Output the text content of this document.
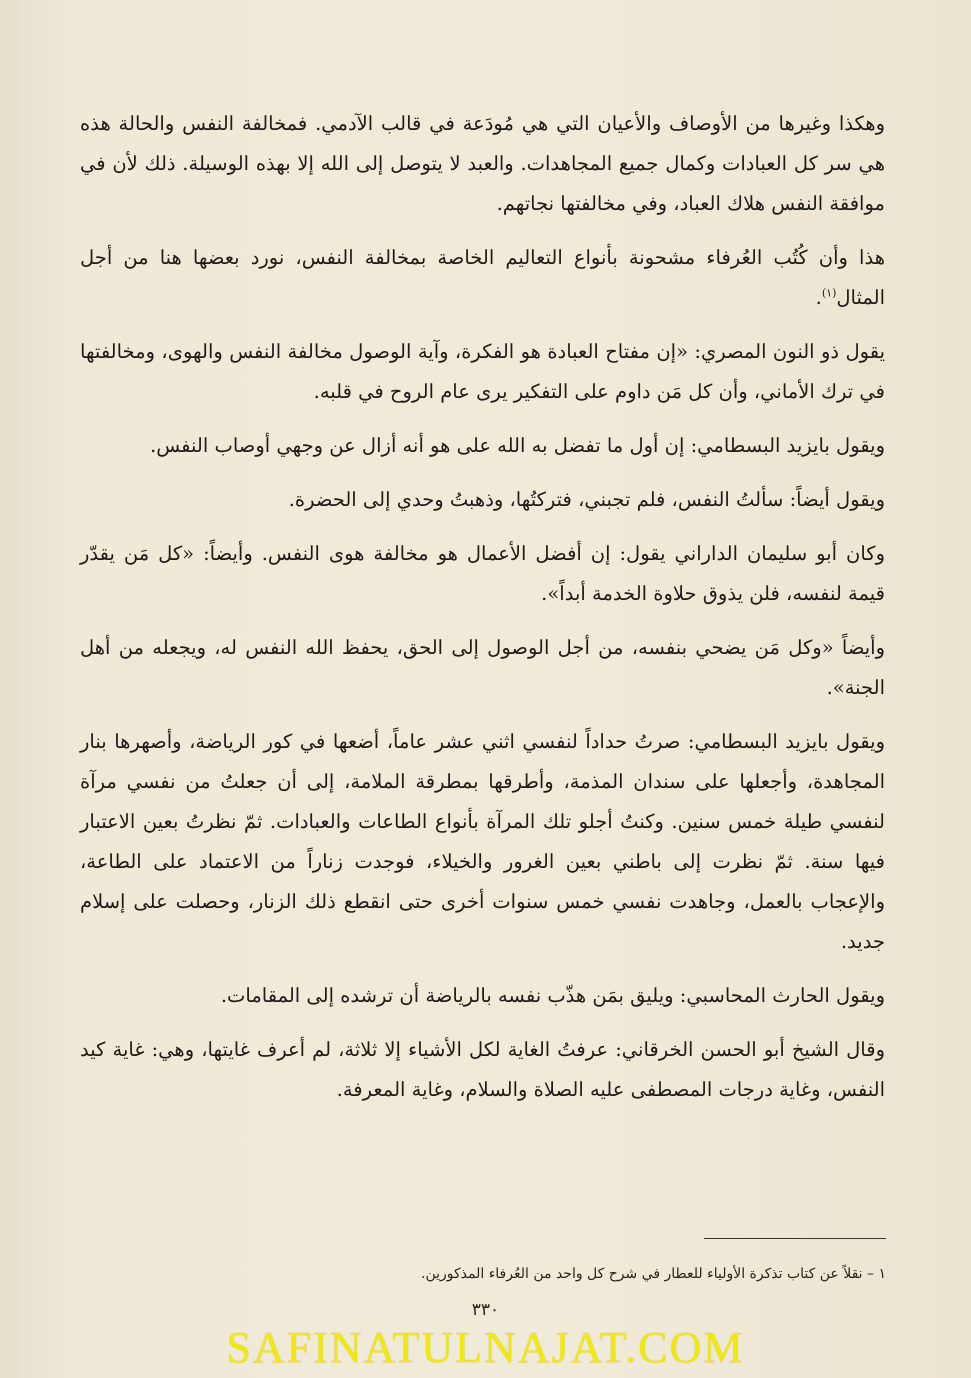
وهكذا وغيرها من الأوصاف والأعيان التي هي مُودَعة في قالب الآدمي. فمخالفة النفس والحالة هذه هي سر كل العبادات وكمال جميع المجاهدات. والعبد لا يتوصل إلى الله إلا بهذه الوسيلة. ذلك لأن في موافقة النفس هلاك العباد، وفي مخالفتها نجاتهم.

هذا وأن كُتُب العُرفاء مشحونة بأنواع التعاليم الخاصة بمخالفة النفس، نورد بعضها هنا من أجل المثال$^{(١)}$.

يقول ذو النون المصري: «إن مفتاح العبادة هو الفكرة، وآية الوصول مخالفة النفس والهوى، ومخالفتها في ترك الأماني، وأن كل مَن داوم على التفكير يرى عام الروح في قلبه.

ويقول بايزيد البسطامي: إن أول ما تفضل به الله على هو أنه أزال عن وجهي أوصاب النفس.

ويقول أيضاً: سألتُ النفس، فلم تجبني، فتركتُها، وذهبتُ وحدي إلى الحضرة.

وكان أبو سليمان الداراني يقول: إن أفضل الأعمال هو مخالفة هوى النفس. وأيضاً: «كل مَن يقدّر قيمة لنفسه، فلن يذوق حلاوة الخدمة أبداً».

وأيضاً «وكل مَن يضحي بنفسه، من أجل الوصول إلى الحق، يحفظ الله النفس له، ويجعله من أهل الجنة».

ويقول بايزيد البسطامي: صرتُ حداداً لنفسي اثني عشر عاماً، أضعها في كور الرياضة، وأصهرها بنار المجاهدة، وأجعلها على سندان المذمة، وأطرقها بمطرقة الملامة، إلى أن جعلتُ من نفسي مرآة لنفسي طيلة خمس سنين. وكنتُ أجلو تلك المرآة بأنواع الطاعات والعبادات. ثمّ نظرتُ بعين الاعتبار فيها سنة. ثمّ نظرت إلى باطني بعين الغرور والخيلاء، فوجدت زناراً من الاعتماد على الطاعة، والإعجاب بالعمل، وجاهدت نفسي خمس سنوات أخرى حتى انقطع ذلك الزنار، وحصلت على إسلام جديد.

ويقول الحارث المحاسبي: ويليق بمَن هذّب نفسه بالرياضة أن ترشده إلى المقامات.

وقال الشيخ أبو الحسن الخرقاني: عرفتُ الغاية لكل الأشياء إلا ثلاثة، لم أعرف غايتها، وهي: غاية كيد النفس، وغاية درجات المصطفى عليه الصلاة والسلام، وغاية المعرفة.

١ – نقلاً عن كتاب تذكرة الأولياء للعطار في شرح كل واحد من العُرفاء المذكورين.
٣٣٠
SAFINATULNAJAT.COM
